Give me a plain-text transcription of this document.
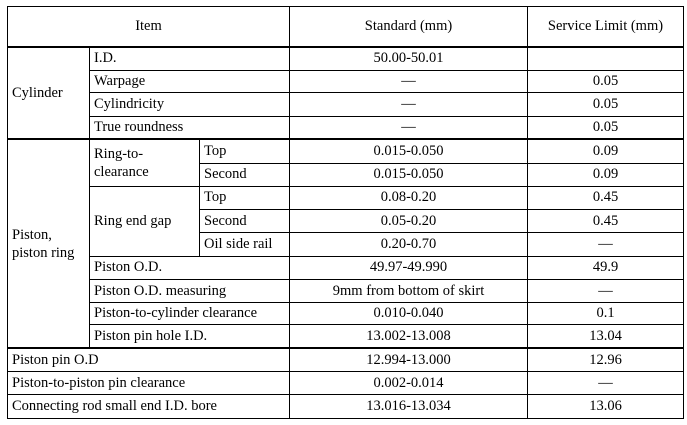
Item			Standard (mm)	Service Limit (mm)
Cylinder	I.D.		50.00-50.01	
	Warpage		—	0.05
	Cylindricity		—	0.05
	True roundness		—	0.05
Piston, piston ring	Ring-to-clearance	Top	0.015-0.050	0.09
		Second	0.015-0.050	0.09
	Ring end gap	Top	0.08-0.20	0.45
		Second	0.05-0.20	0.45
		Oil side rail	0.20-0.70	—
	Piston O.D.		49.97-49.990	49.9
	Piston O.D. measuring		9mm from bottom of skirt	—
	Piston-to-cylinder clearance		0.010-0.040	0.1
	Piston pin hole I.D.		13.002-13.008	13.04
Piston pin O.D			12.994-13.000	12.96
Piston-to-piston pin clearance			0.002-0.014	—
Connecting rod small end I.D. bore			13.016-13.034	13.06
